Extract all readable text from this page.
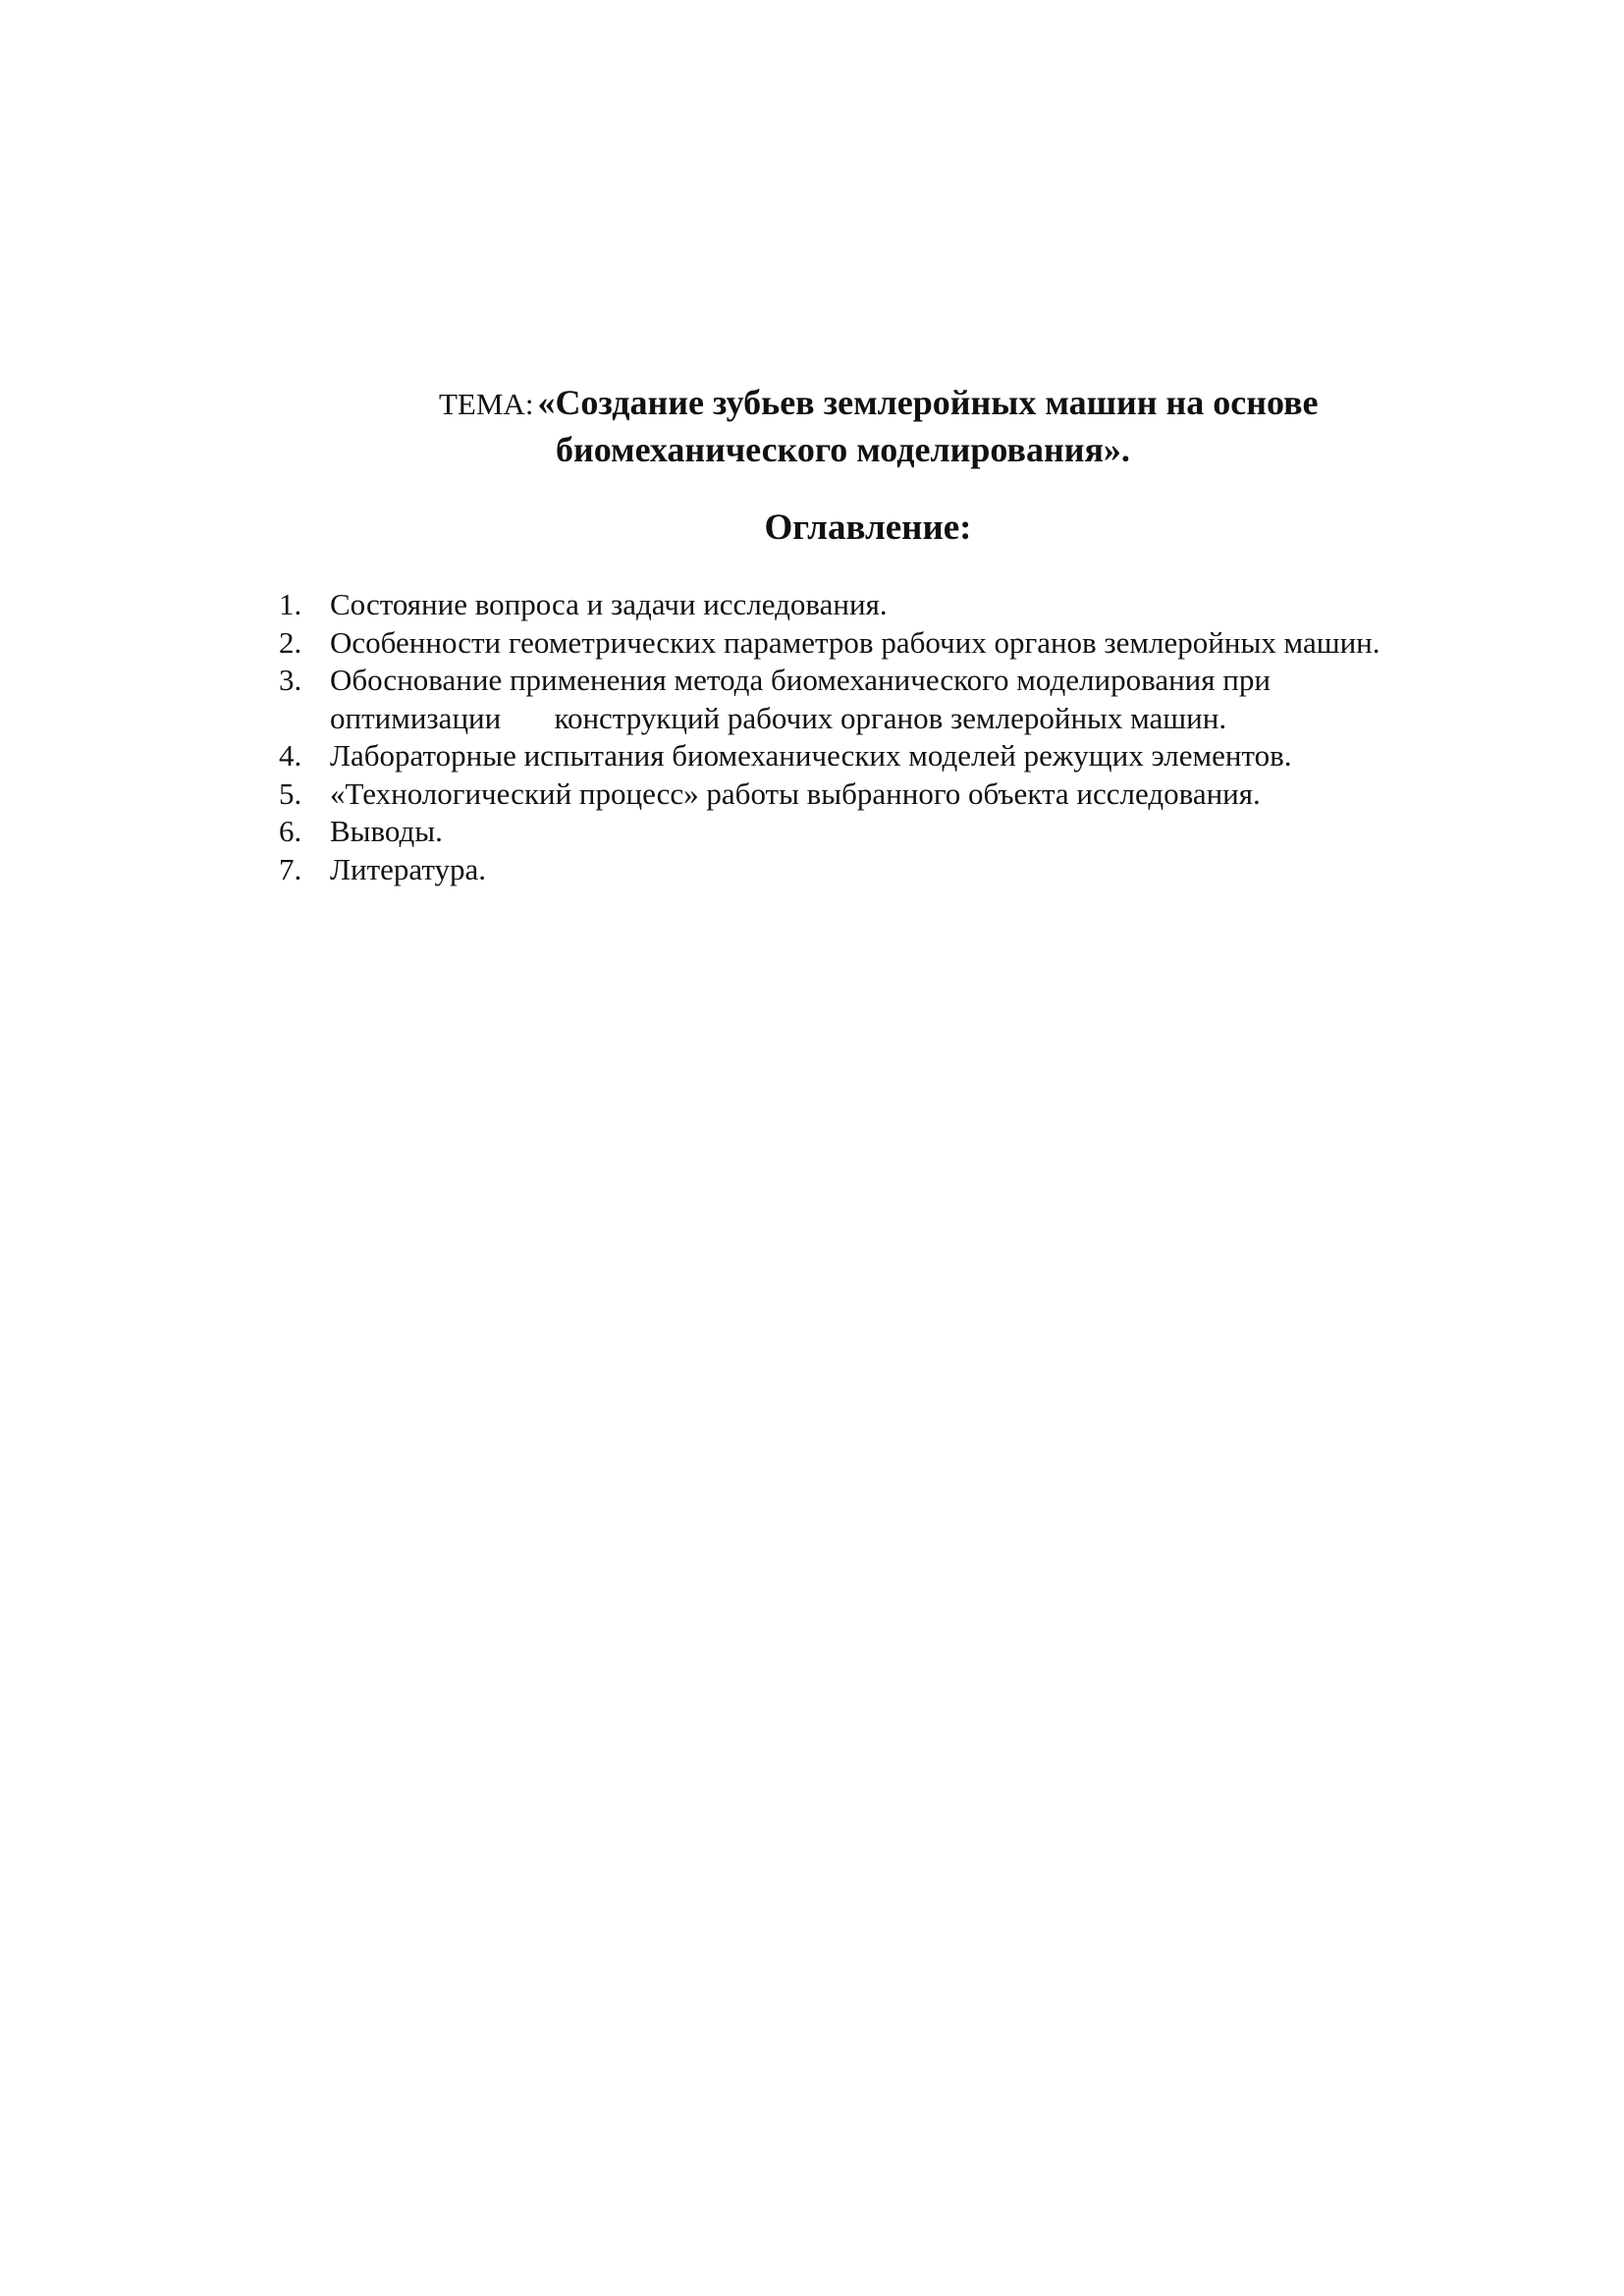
ТЕМА: «Создание зубьев землеройных машин на основе
биомеханического моделирования».
Оглавление:
1. Состояние вопроса и задачи исследования.
2. Особенности геометрических параметров рабочих органов землеройных машин.
3. Обоснование применения метода биомеханического моделирования при
оптимизации       конструкций рабочих органов землеройных машин.
4. Лабораторные испытания биомеханических моделей режущих элементов.
5. «Технологический процесс» работы выбранного объекта исследования.
6. Выводы.
7. Литература.
